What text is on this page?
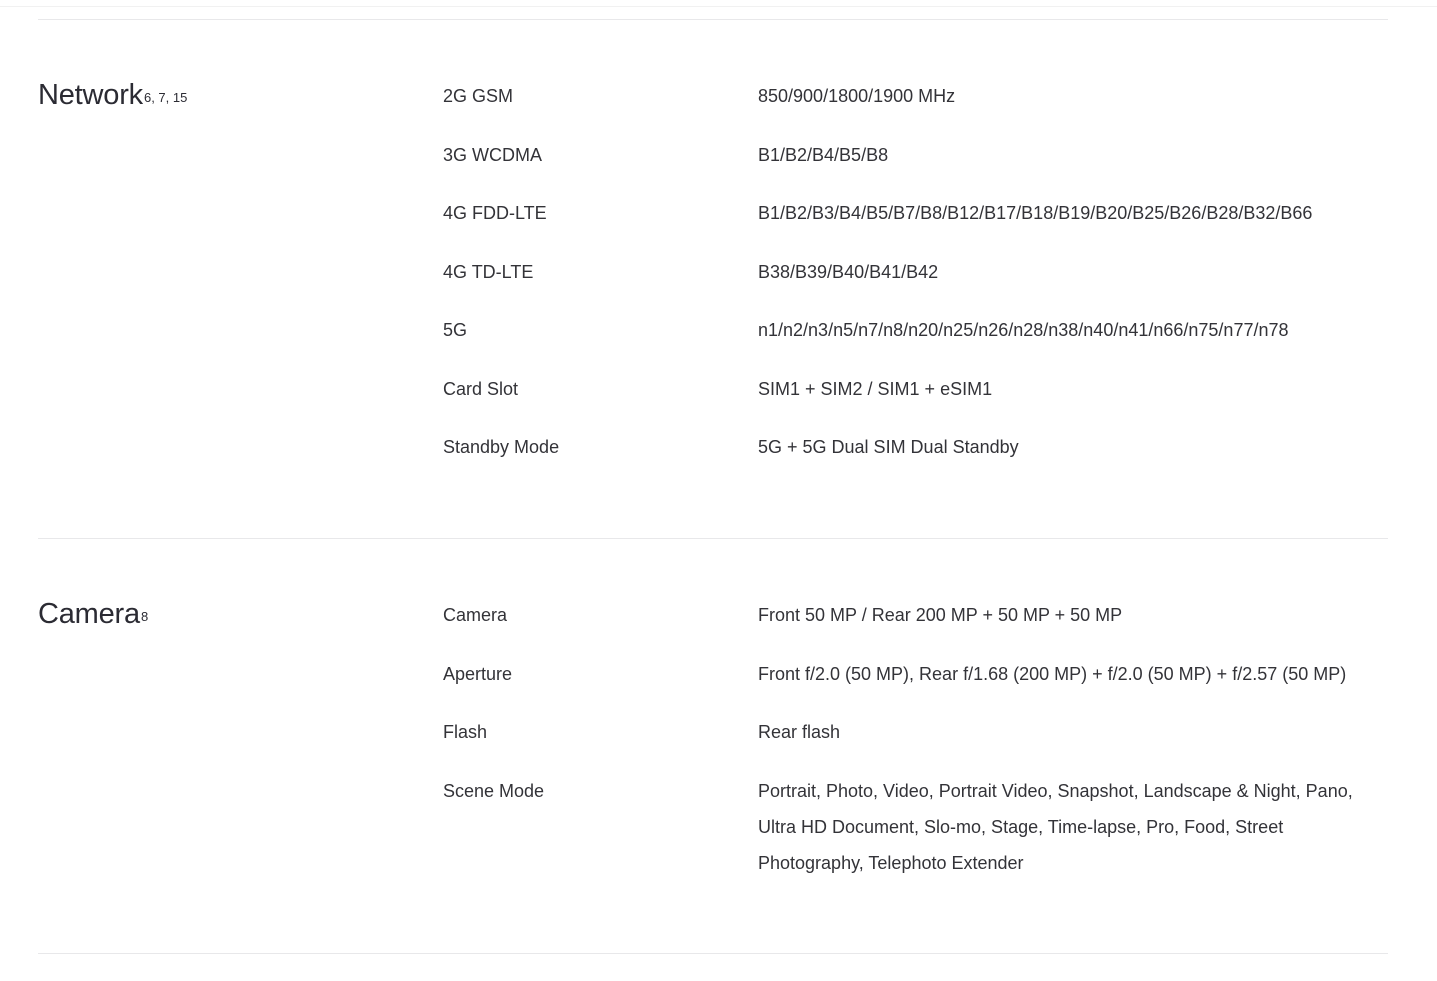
Network$^{6, 7, 15}$	2G GSM	850/900/1800/1900 MHz
3G WCDMA	B1/B2/B4/B5/B8
4G FDD-LTE	B1/B2/B3/B4/B5/B7/B8/B12/B17/B18/B19/B20/B25/B26/B28/B32/B66
4G TD-LTE	B38/B39/B40/B41/B42
5G	n1/n2/n3/n5/n7/n8/n20/n25/n26/n28/n38/n40/n41/n66/n75/n77/n78
Card Slot	SIM1 + SIM2 / SIM1 + eSIM1
Standby Mode	5G + 5G Dual SIM Dual Standby
Camera$^8$	Camera	Front 50 MP / Rear 200 MP + 50 MP + 50 MP
Aperture	Front f/2.0 (50 MP), Rear f/1.68 (200 MP) + f/2.0 (50 MP) + f/2.57 (50 MP)
Flash	Rear flash
Scene Mode	Portrait, Photo, Video, Portrait Video, Snapshot, Landscape & Night, Pano, Ultra HD Document, Slo-mo, Stage, Time-lapse, Pro, Food, Street Photography, Telephoto Extender
